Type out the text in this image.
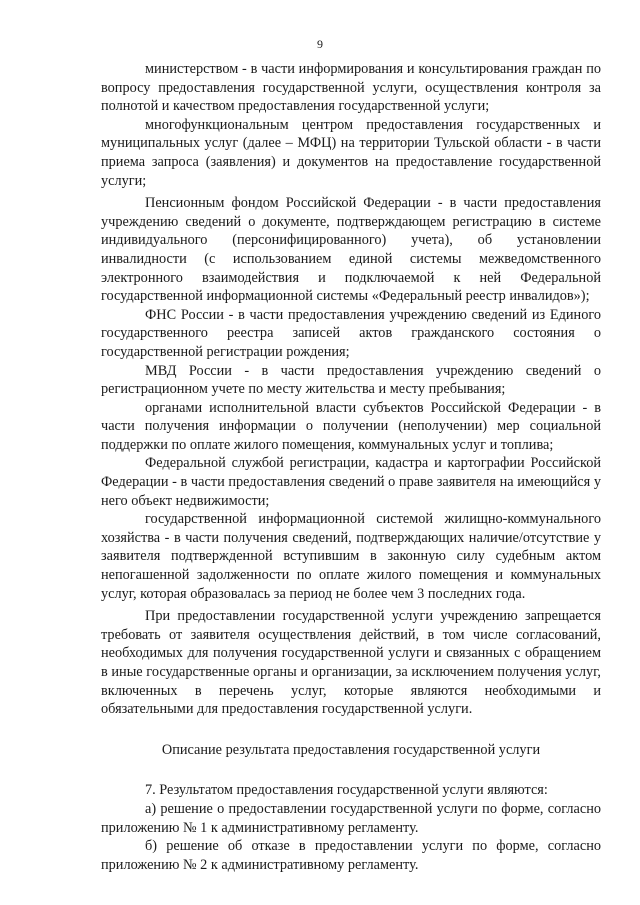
9

министерством - в части информирования и консультирования граждан по вопросу предоставления государственной услуги, осуществления контроля за полнотой и качеством предоставления государственной услуги;

многофункциональным центром предоставления государственных и муниципальных услуг (далее – МФЦ) на территории Тульской области - в части приема запроса (заявления) и документов на предоставление государственной услуги;

Пенсионным фондом Российской Федерации - в части предоставления учреждению сведений о документе, подтверждающем регистрацию в системе индивидуального (персонифицированного) учета), об установлении инвалидности (с использованием единой системы межведомственного электронного взаимодействия и подключаемой к ней Федеральной государственной информационной системы «Федеральный реестр инвалидов»);

ФНС России - в части предоставления учреждению сведений из Единого государственного реестра записей актов гражданского состояния о государственной регистрации рождения;

МВД России - в части предоставления учреждению сведений о регистрационном учете по месту жительства и месту пребывания;

органами исполнительной власти субъектов Российской Федерации - в части получения информации о получении (неполучении) мер социальной поддержки по оплате жилого помещения, коммунальных услуг и топлива;

Федеральной службой регистрации, кадастра и картографии Российской Федерации - в части предоставления сведений о праве заявителя на имеющийся у него объект недвижимости;

государственной информационной системой жилищно-коммунального хозяйства - в части получения сведений, подтверждающих наличие/отсутствие у заявителя подтвержденной вступившим в законную силу судебным актом непогашенной задолженности по оплате жилого помещения и коммунальных услуг, которая образовалась за период не более чем 3 последних года.

При предоставлении государственной услуги учреждению запрещается требовать от заявителя осуществления действий, в том числе согласований, необходимых для получения государственной услуги и связанных с обращением в иные государственные органы и организации, за исключением получения услуг, включенных в перечень услуг, которые являются необходимыми и обязательными для предоставления государственной услуги.

Описание результата предоставления государственной услуги

7. Результатом предоставления государственной услуги являются:

а) решение о предоставлении государственной услуги по форме, согласно приложению № 1 к административному регламенту.

б) решение об отказе в предоставлении услуги по форме, согласно приложению № 2 к административному регламенту.
